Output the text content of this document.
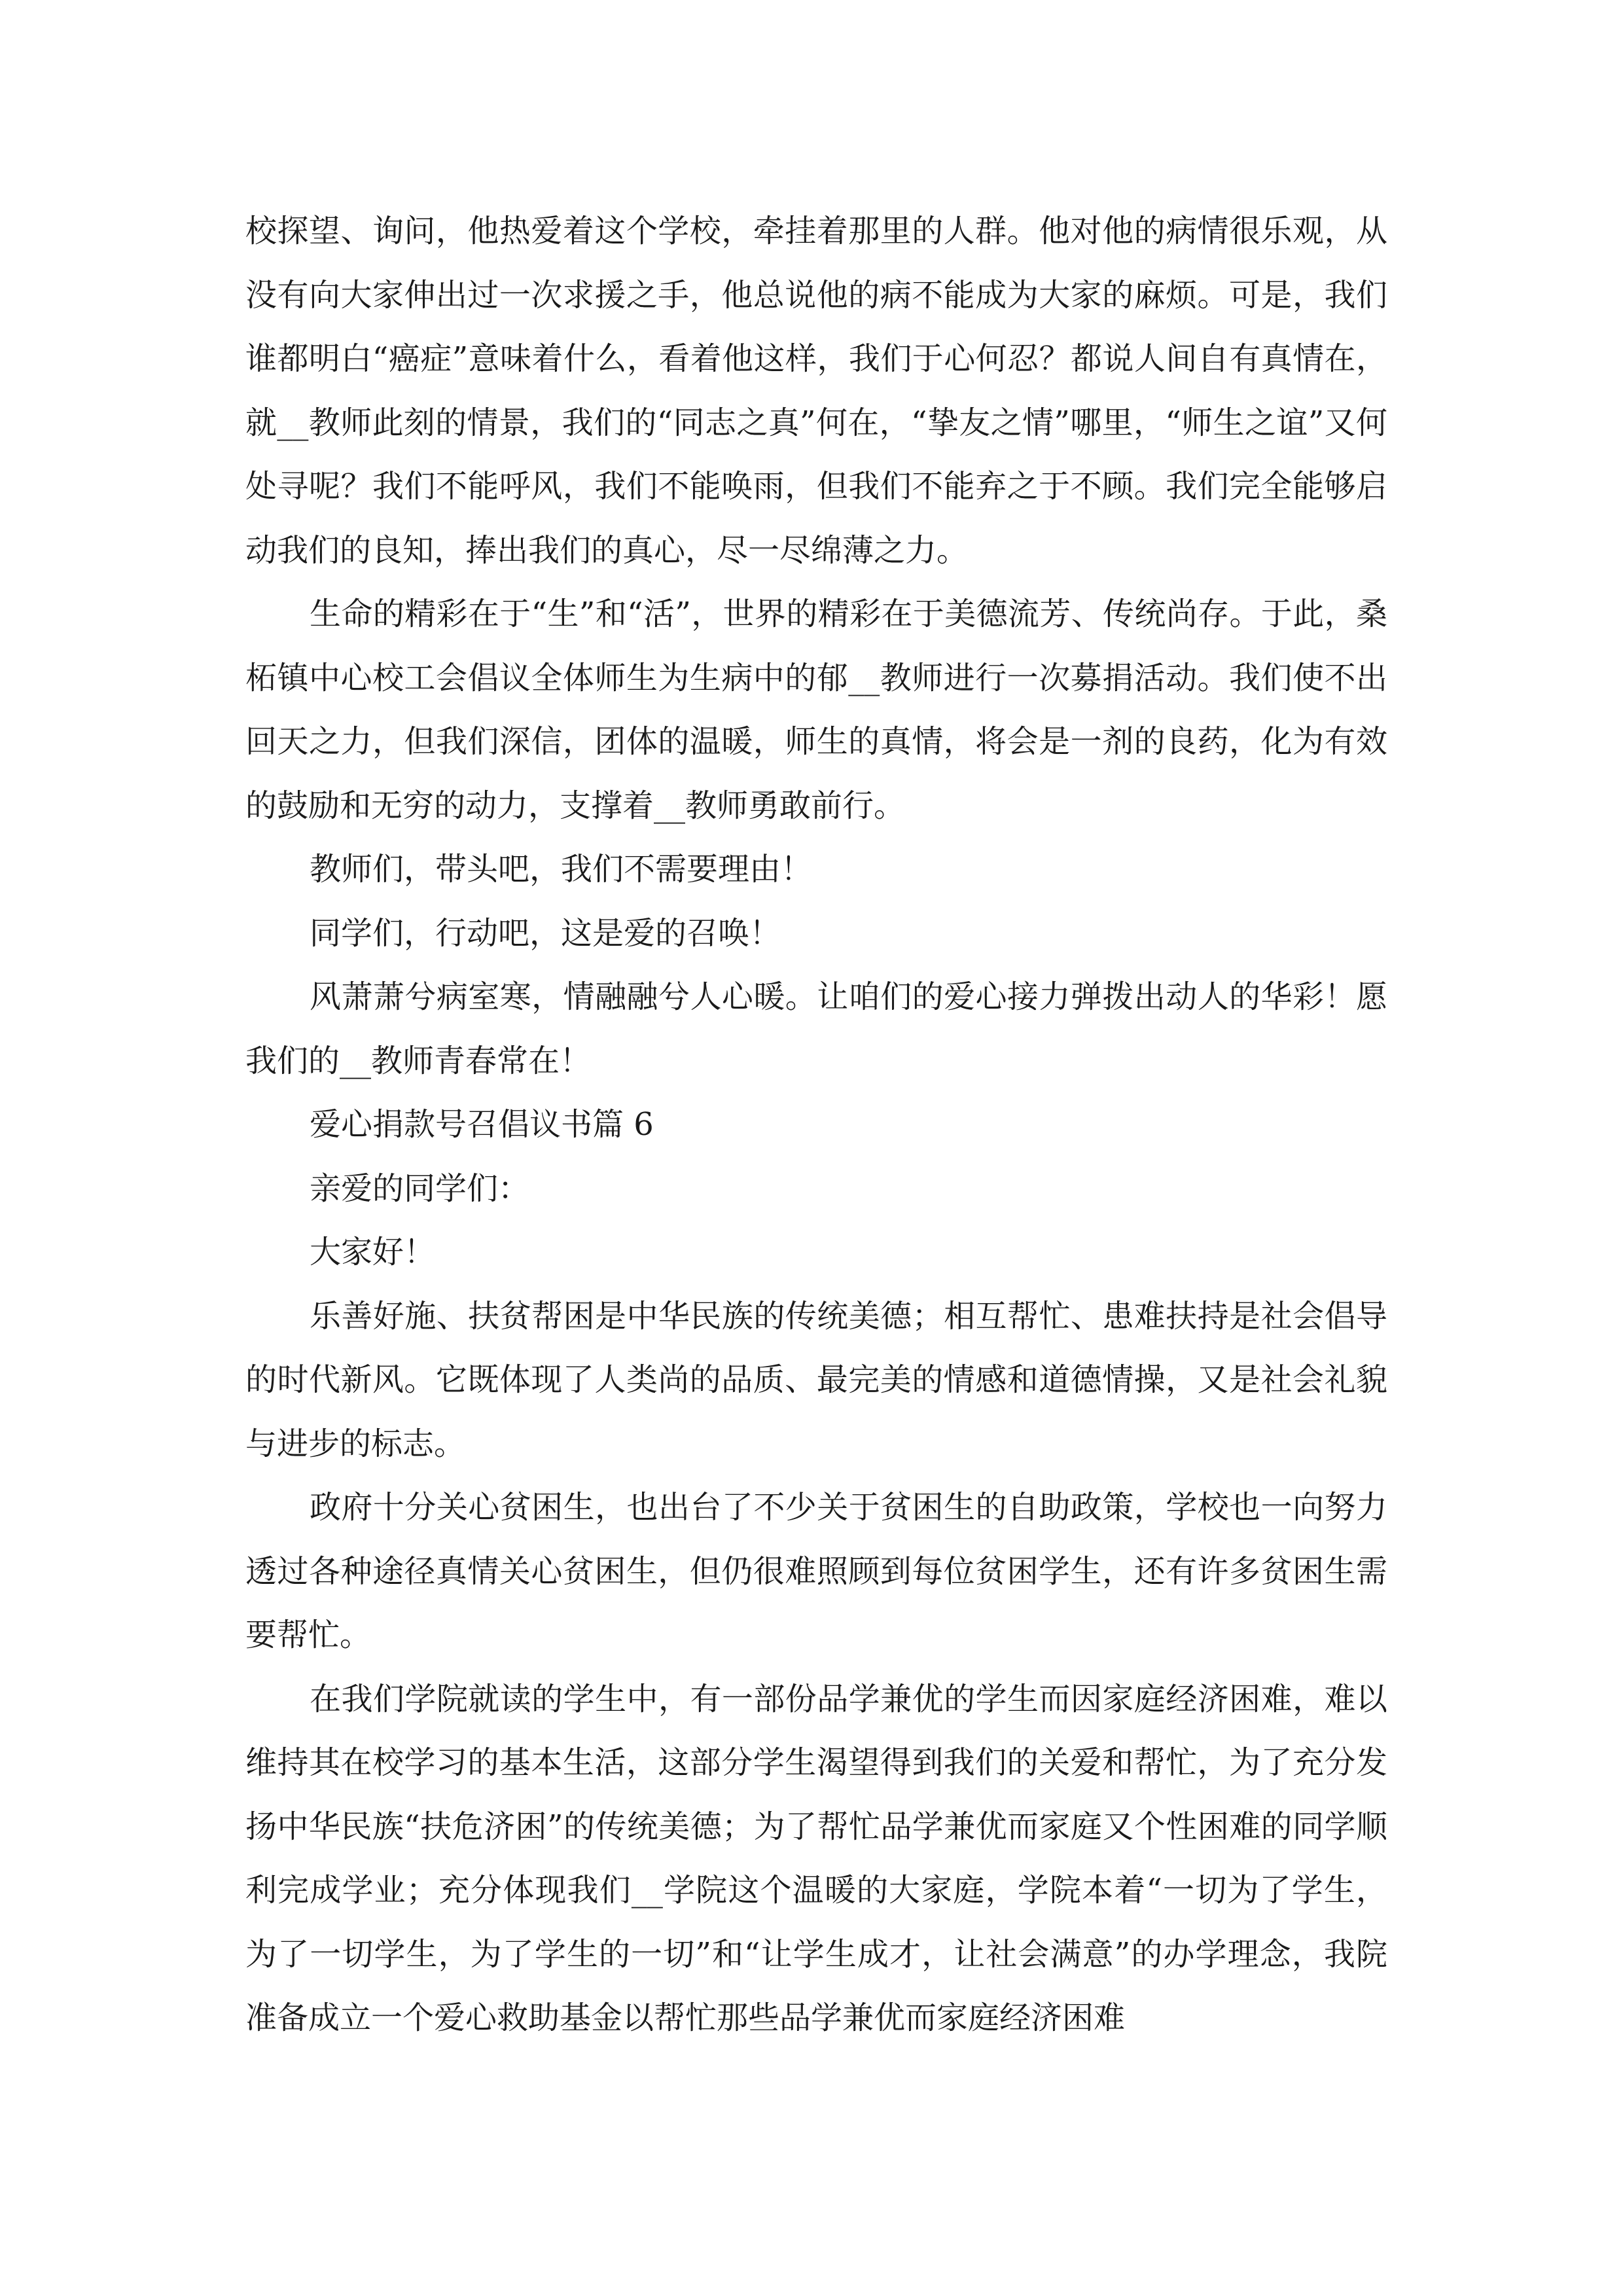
校探望、询问，他热爱着这个学校，牵挂着那里的人群。他对他的病情很乐观，从没有向大家伸出过一次求援之手，他总说他的病不能成为大家的麻烦。可是，我们谁都明白“癌症”意味着什么，看着他这样，我们于心何忍？都说人间自有真情在，就__教师此刻的情景，我们的“同志之真”何在，“挚友之情”哪里，“师生之谊”又何处寻呢？我们不能呼风，我们不能唤雨，但我们不能弃之于不顾。我们完全能够启动我们的良知，捧出我们的真心，尽一尽绵薄之力。

生命的精彩在于“生”和“活”，世界的精彩在于美德流芳、传统尚存。于此，桑柘镇中心校工会倡议全体师生为生病中的郁__教师进行一次募捐活动。我们使不出回天之力，但我们深信，团体的温暖，师生的真情，将会是一剂的良药，化为有效的鼓励和无穷的动力，支撑着__教师勇敢前行。

教师们，带头吧，我们不需要理由！

同学们，行动吧，这是爱的召唤！

风萧萧兮病室寒，情融融兮人心暖。让咱们的爱心接力弹拨出动人的华彩！愿我们的__教师青春常在！

爱心捐款号召倡议书篇 6

亲爱的同学们：

大家好！

乐善好施、扶贫帮困是中华民族的传统美德；相互帮忙、患难扶持是社会倡导的时代新风。它既体现了人类尚的品质、最完美的情感和道德情操，又是社会礼貌与进步的标志。

政府十分关心贫困生，也出台了不少关于贫困生的自助政策，学校也一向努力透过各种途径真情关心贫困生，但仍很难照顾到每位贫困学生，还有许多贫困生需要帮忙。

在我们学院就读的学生中，有一部份品学兼优的学生而因家庭经济困难，难以维持其在校学习的基本生活，这部分学生渴望得到我们的关爱和帮忙，为了充分发扬中华民族“扶危济困”的传统美德；为了帮忙品学兼优而家庭又个性困难的同学顺利完成学业；充分体现我们__学院这个温暖的大家庭，学院本着“一切为了学生，为了一切学生，为了学生的一切”和“让学生成才，让社会满意”的办学理念，我院准备成立一个爱心救助基金以帮忙那些品学兼优而家庭经济困难
